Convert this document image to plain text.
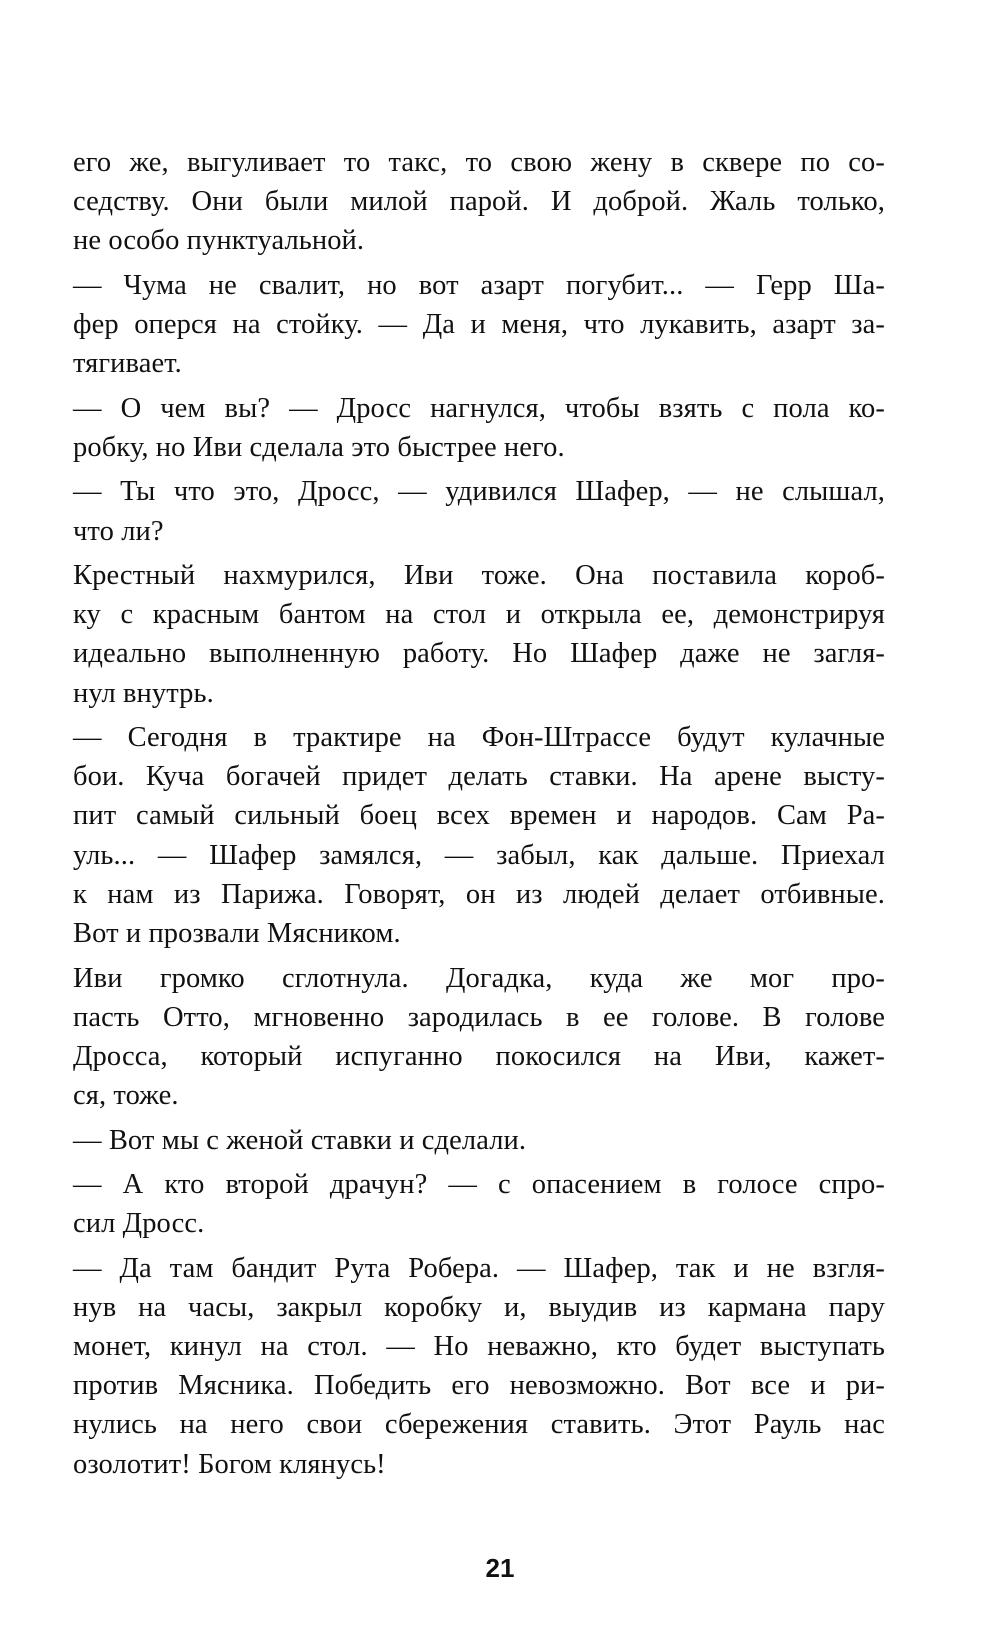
его же, выгуливает то такс, то свою жену в сквере по со-
седству. Они были милой парой. И доброй. Жаль только,
не особо пунктуальной.
— Чума не свалит, но вот азарт погубит... — Герр Ша-
фер оперся на стойку. — Да и меня, что лукавить, азарт за-
тягивает.
— О чем вы? — Дросс нагнулся, чтобы взять с пола ко-
робку, но Иви сделала это быстрее него.
— Ты что это, Дросс, — удивился Шафер, — не слышал,
что ли?
Крестный нахмурился, Иви тоже. Она поставила короб-
ку с красным бантом на стол и открыла ее, демонстрируя
идеально выполненную работу. Но Шафер даже не загля-
нул внутрь.
— Сегодня в трактире на Фон-Штрассе будут кулачные
бои. Куча богачей придет делать ставки. На арене высту-
пит самый сильный боец всех времен и народов. Сам Ра-
уль... — Шафер замялся, — забыл, как дальше. Приехал
к нам из Парижа. Говорят, он из людей делает отбивные.
Вот и прозвали Мясником.
Иви громко сглотнула. Догадка, куда же мог про-
пасть Отто, мгновенно зародилась в ее голове. В голове
Дросса, который испуганно покосился на Иви, кажет-
ся, тоже.
— Вот мы с женой ставки и сделали.
— А кто второй драчун? — с опасением в голосе спро-
сил Дросс.
— Да там бандит Рута Робера. — Шафер, так и не взгля-
нув на часы, закрыл коробку и, выудив из кармана пару
монет, кинул на стол. — Но неважно, кто будет выступать
против Мясника. Победить его невозможно. Вот все и ри-
нулись на него свои сбережения ставить. Этот Рауль нас
озолотит! Богом клянусь!
21
